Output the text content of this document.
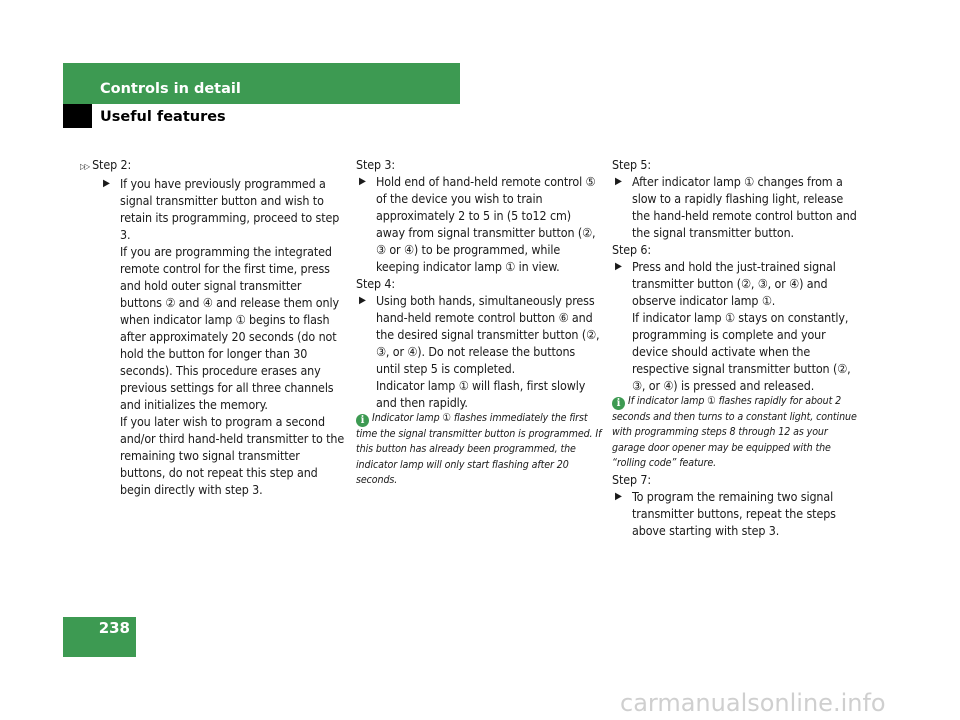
Controls in detail
Useful features

▷▷ Step 2:

▶ If you have previously programmed a signal transmitter button and wish to retain its programming, proceed to step 3.

If you are programming the integrated remote control for the first time, press and hold outer signal transmitter buttons ② and ④ and release them only when indicator lamp ① begins to flash after approximately 20 seconds (do not hold the button for longer than 30 seconds). This procedure erases any previous settings for all three channels and initializes the memory.

If you later wish to program a second and/or third hand-held transmitter to the remaining two signal transmitter buttons, do not repeat this step and begin directly with step 3.

Step 3:

▶ Hold end of hand-held remote control ⑤ of the device you wish to train approximately 2 to 5 in (5 to12 cm) away from signal transmitter button (②, ③ or ④) to be programmed, while keeping indicator lamp ① in view.

Step 4:

▶ Using both hands, simultaneously press hand-held remote control button ⑥ and the desired signal transmitter button (②, ③, or ④). Do not release the buttons until step 5 is completed.

Indicator lamp ① will flash, first slowly and then rapidly.

i Indicator lamp ① flashes immediately the first time the signal transmitter button is programmed. If this button has already been programmed, the indicator lamp will only start flashing after 20 seconds.

Step 5:

▶ After indicator lamp ① changes from a slow to a rapidly flashing light, release the hand-held remote control button and the signal transmitter button.

Step 6:

▶ Press and hold the just-trained signal transmitter button (②, ③, or ④) and observe indicator lamp ①.

If indicator lamp ① stays on constantly, programming is complete and your device should activate when the respective signal transmitter button (②, ③, or ④) is pressed and released.

i If indicator lamp ① flashes rapidly for about 2 seconds and then turns to a constant light, continue with programming steps 8 through 12 as your garage door opener may be equipped with the “rolling code” feature.

Step 7:

▶ To program the remaining two signal transmitter buttons, repeat the steps above starting with step 3.

238
carmanualsonline.info
